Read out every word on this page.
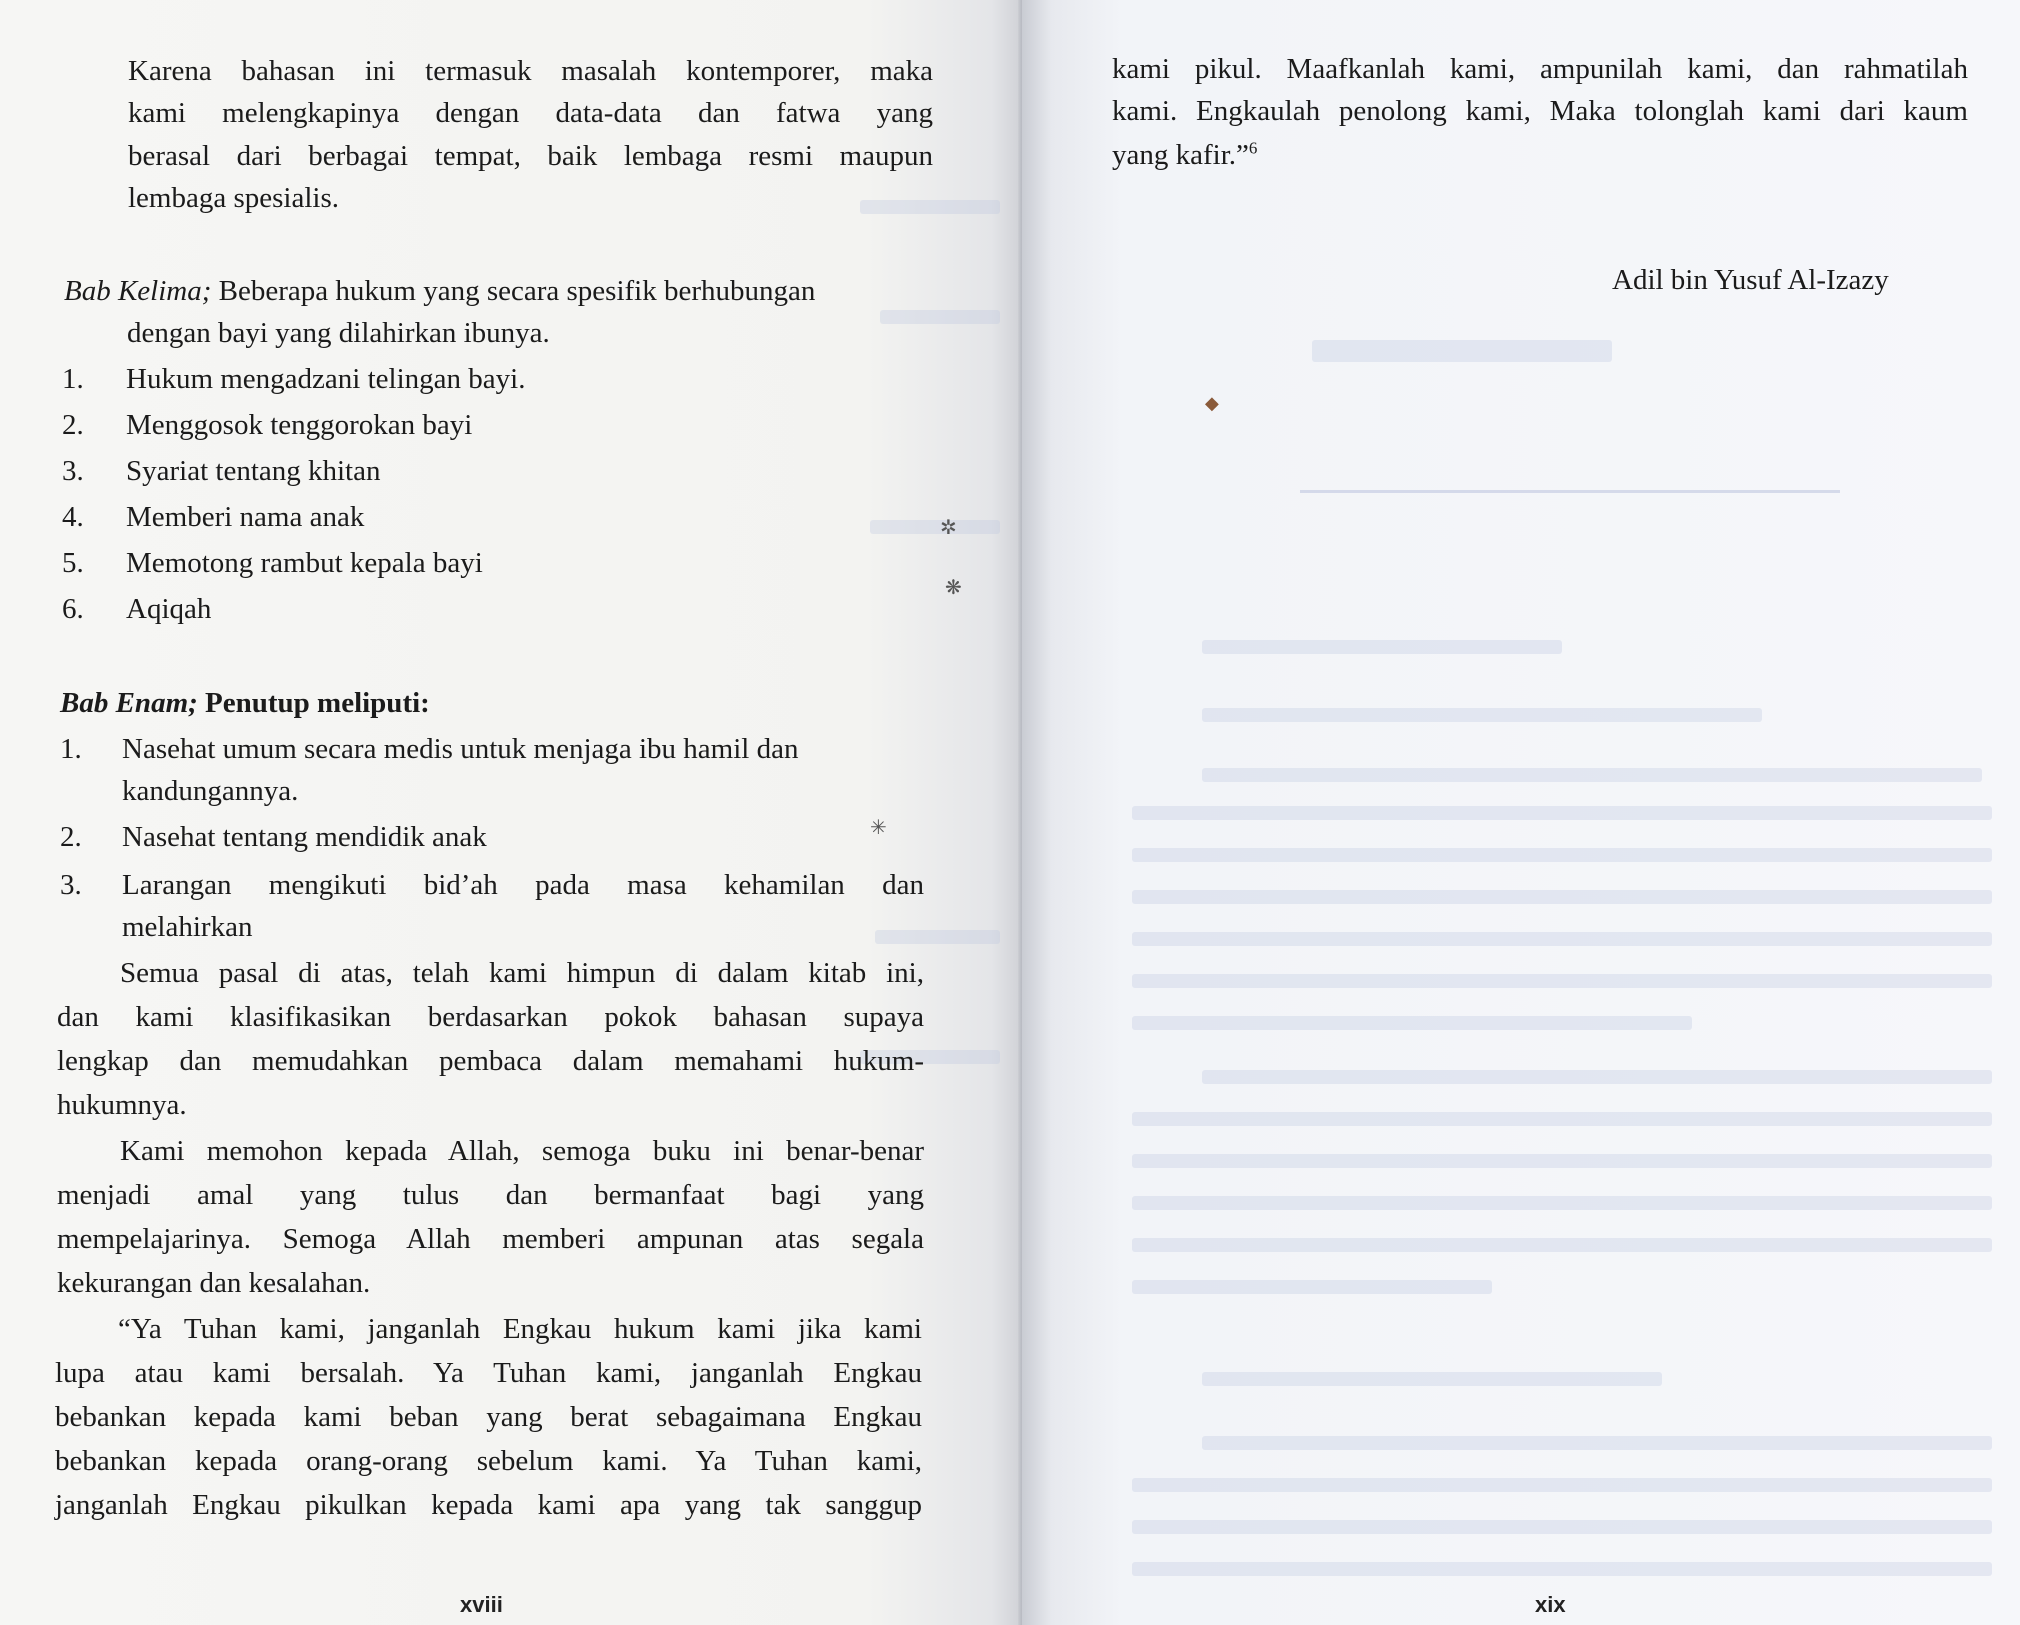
Karena bahasan ini termasuk masalah kontemporer, maka
kami melengkapinya dengan data-data dan fatwa yang
berasal dari berbagai tempat, baik lembaga resmi maupun
lembaga spesialis.
Bab Kelima; Beberapa hukum yang secara spesifik berhubungan
dengan bayi yang dilahirkan ibunya.
1. Hukum mengadzani telingan bayi.
2. Menggosok tenggorokan bayi
3. Syariat tentang khitan
4. Memberi nama anak
5. Memotong rambut kepala bayi
6. Aqiqah
Bab Enam; Penutup meliputi:
1. Nasehat umum secara medis untuk menjaga ibu hamil dan
kandungannya.
2. Nasehat tentang mendidik anak
3. Larangan mengikuti bid’ah pada masa kehamilan dan
melahirkan
Semua pasal di atas, telah kami himpun di dalam kitab ini,
dan kami klasifikasikan berdasarkan pokok bahasan supaya
lengkap dan memudahkan pembaca dalam memahami hukum-
hukumnya.
Kami memohon kepada Allah, semoga buku ini benar-benar
menjadi amal yang tulus dan bermanfaat bagi yang
mempelajarinya. Semoga Allah memberi ampunan atas segala
kekurangan dan kesalahan.
“Ya Tuhan kami, janganlah Engkau hukum kami jika kami
lupa atau kami bersalah. Ya Tuhan kami, janganlah Engkau
bebankan kepada kami beban yang berat sebagaimana Engkau
bebankan kepada orang-orang sebelum kami. Ya Tuhan kami,
janganlah Engkau pikulkan kepada kami apa yang tak sanggup
✲
❋
✳
xviii
kami pikul. Maafkanlah kami, ampunilah kami, dan rahmatilah
kami. Engkaulah penolong kami, Maka tolonglah kami dari kaum
yang kafir.”$^6$
Adil bin Yusuf Al-Izazy
◆
xix
